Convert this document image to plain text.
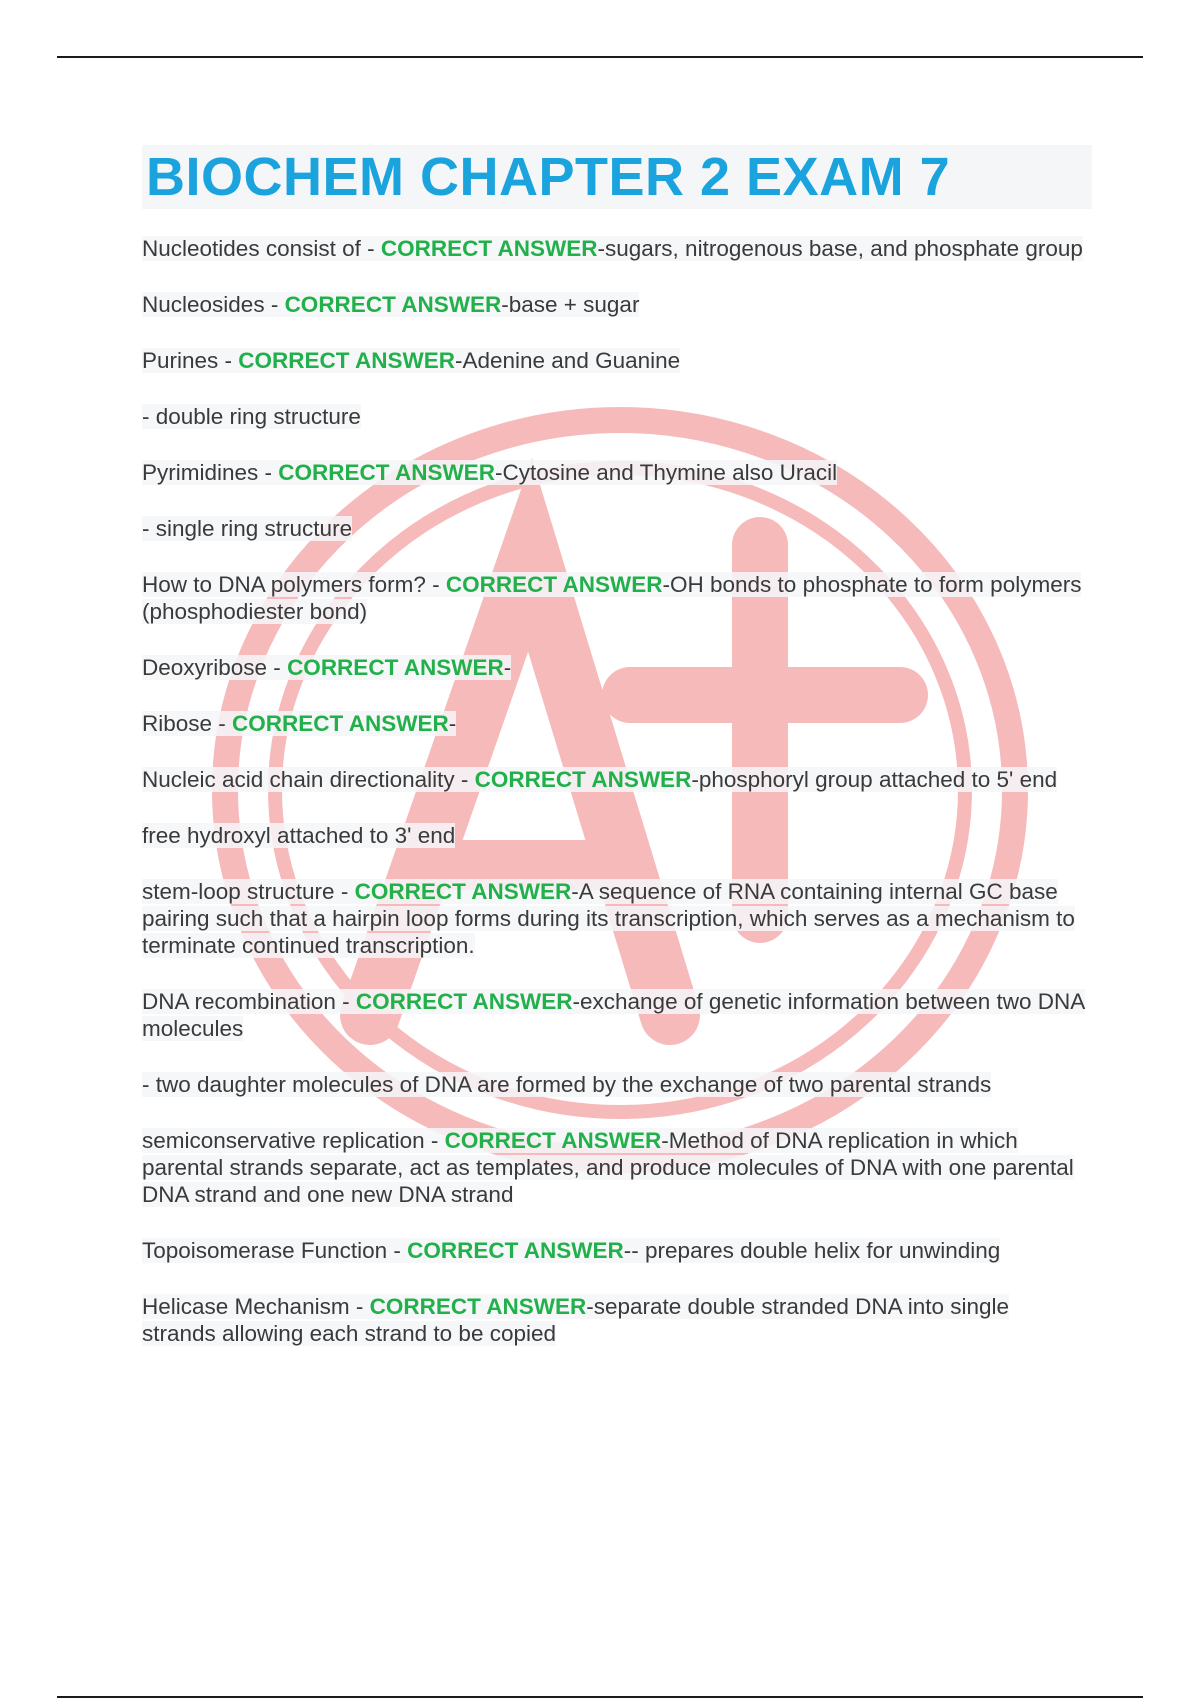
BIOCHEM CHAPTER 2 EXAM 7

Nucleotides consist of - CORRECT ANSWER-sugars, nitrogenous base, and phosphate group

Nucleosides - CORRECT ANSWER-base + sugar

Purines - CORRECT ANSWER-Adenine and Guanine

- double ring structure

Pyrimidines - CORRECT ANSWER-Cytosine and Thymine also Uracil

- single ring structure

How to DNA polymers form? - CORRECT ANSWER-OH bonds to phosphate to form polymers (phosphodiester bond)

Deoxyribose - CORRECT ANSWER-

Ribose - CORRECT ANSWER-

Nucleic acid chain directionality - CORRECT ANSWER-phosphoryl group attached to 5' end

free hydroxyl attached to 3' end

stem-loop structure - CORRECT ANSWER-A sequence of RNA containing internal GC base pairing such that a hairpin loop forms during its transcription, which serves as a mechanism to terminate continued transcription.

DNA recombination - CORRECT ANSWER-exchange of genetic information between two DNA molecules

- two daughter molecules of DNA are formed by the exchange of two parental strands

semiconservative replication - CORRECT ANSWER-Method of DNA replication in which parental strands separate, act as templates, and produce molecules of DNA with one parental DNA strand and one new DNA strand

Topoisomerase Function - CORRECT ANSWER-- prepares double helix for unwinding

Helicase Mechanism - CORRECT ANSWER-separate double stranded DNA into single strands allowing each strand to be copied
